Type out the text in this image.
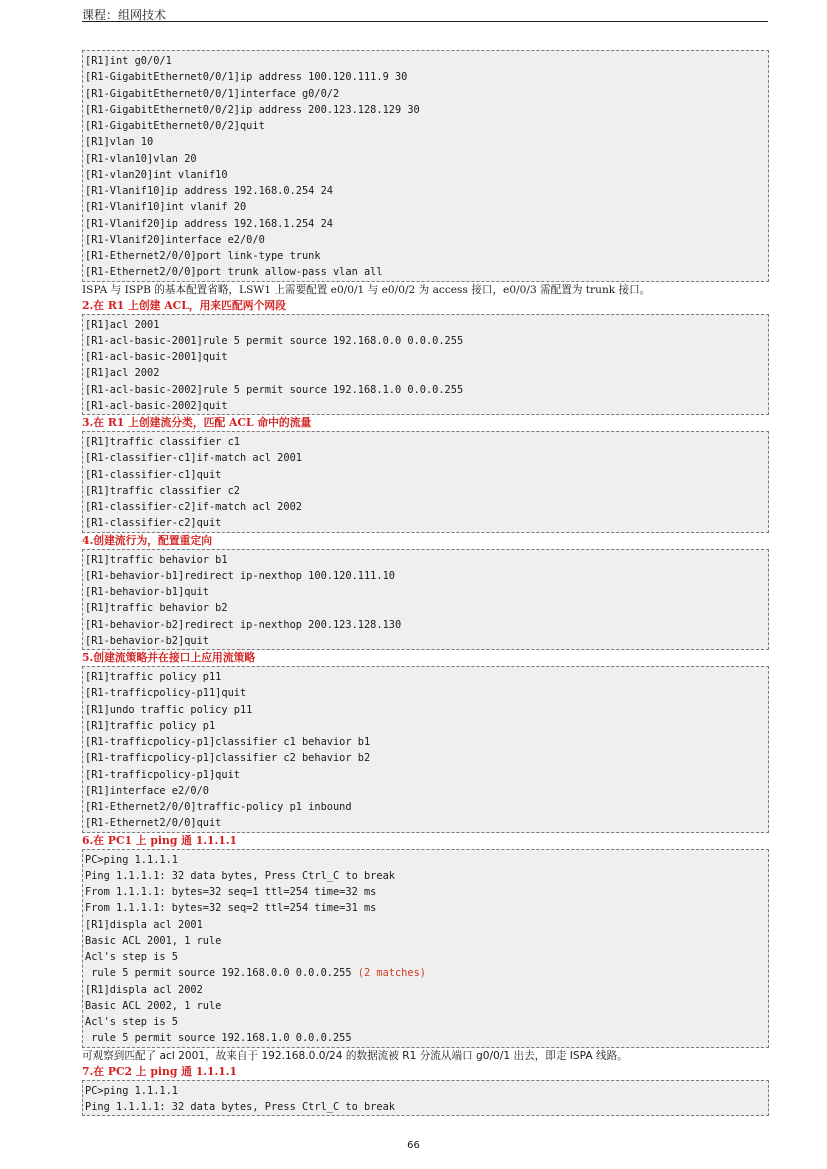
课程：组网技术
[R1]int g0/0/1
[R1-GigabitEthernet0/0/1]ip address 100.120.111.9 30
[R1-GigabitEthernet0/0/1]interface g0/0/2
[R1-GigabitEthernet0/0/2]ip address 200.123.128.129 30
[R1-GigabitEthernet0/0/2]quit
[R1]vlan 10
[R1-vlan10]vlan 20
[R1-vlan20]int vlanif10
[R1-Vlanif10]ip address 192.168.0.254 24
[R1-Vlanif10]int vlanif 20
[R1-Vlanif20]ip address 192.168.1.254 24
[R1-Vlanif20]interface e2/0/0
[R1-Ethernet2/0/0]port link-type trunk
[R1-Ethernet2/0/0]port trunk allow-pass vlan all
ISPA 与 ISPB 的基本配置省略，LSW1 上需要配置 e0/0/1 与 e0/0/2 为 access 接口，e0/0/3 需配置为 trunk 接口。
2.在 R1 上创建 ACL，用来匹配两个网段
[R1]acl 2001
[R1-acl-basic-2001]rule 5 permit source 192.168.0.0 0.0.0.255
[R1-acl-basic-2001]quit
[R1]acl 2002
[R1-acl-basic-2002]rule 5 permit source 192.168.1.0 0.0.0.255
[R1-acl-basic-2002]quit
3.在 R1 上创建流分类，匹配 ACL 命中的流量
[R1]traffic classifier c1
[R1-classifier-c1]if-match acl 2001
[R1-classifier-c1]quit
[R1]traffic classifier c2
[R1-classifier-c2]if-match acl 2002
[R1-classifier-c2]quit
4.创建流行为，配置重定向
[R1]traffic behavior b1
[R1-behavior-b1]redirect ip-nexthop 100.120.111.10
[R1-behavior-b1]quit
[R1]traffic behavior b2
[R1-behavior-b2]redirect ip-nexthop 200.123.128.130
[R1-behavior-b2]quit
5.创建流策略并在接口上应用流策略
[R1]traffic policy p11
[R1-trafficpolicy-p11]quit
[R1]undo traffic policy p11
[R1]traffic policy p1
[R1-trafficpolicy-p1]classifier c1 behavior b1
[R1-trafficpolicy-p1]classifier c2 behavior b2
[R1-trafficpolicy-p1]quit
[R1]interface e2/0/0
[R1-Ethernet2/0/0]traffic-policy p1 inbound
[R1-Ethernet2/0/0]quit
6.在 PC1 上 ping 通 1.1.1.1
PC>ping 1.1.1.1
Ping 1.1.1.1: 32 data bytes, Press Ctrl_C to break
From 1.1.1.1: bytes=32 seq=1 ttl=254 time=32 ms
From 1.1.1.1: bytes=32 seq=2 ttl=254 time=31 ms
[R1]displa acl 2001
Basic ACL 2001, 1 rule
Acl's step is 5
rule 5 permit source 192.168.0.0 0.0.0.255 (2 matches)
[R1]displa acl 2002
Basic ACL 2002, 1 rule
Acl's step is 5
rule 5 permit source 192.168.1.0 0.0.0.255
可观察到匹配了 acl 2001，故来自于 192.168.0.0/24 的数据流被 R1 分流从端口 g0/0/1 出去，即走 ISPA 线路。
7.在 PC2 上 ping 通 1.1.1.1
PC>ping 1.1.1.1
Ping 1.1.1.1: 32 data bytes, Press Ctrl_C to break
66
